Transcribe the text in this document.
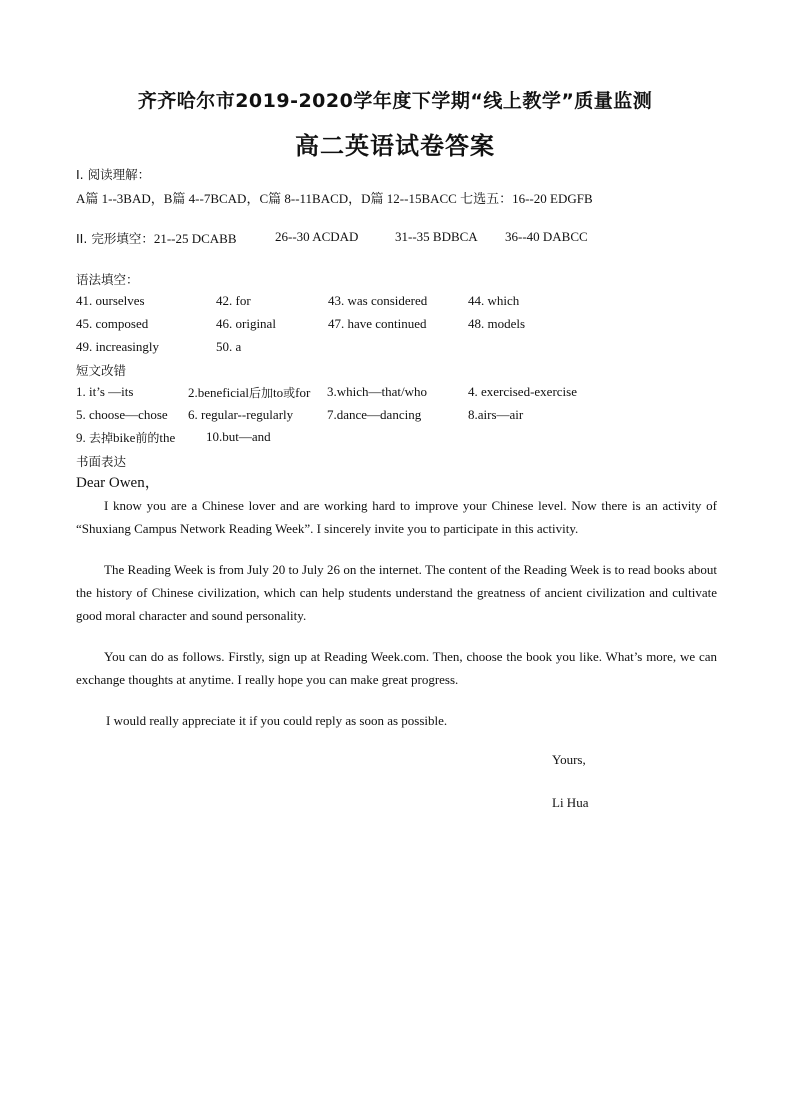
齐齐哈尔市2019-2020学年度下学期“线上教学”质量监测
高二英语试卷答案
I. 阅读理解：
A篇 1--3BAD，B篇 4--7BCAD，C篇 8--11BACD，D篇 12--15BACC 七选五：16--20 EDGFB
II. 完形填空：21--25 DCABB	26--30 ACDAD	31--35 BDBCA 36--40 DABCC
语法填空：
41. ourselves	42. for	43. was considered	44. which
45. composed	46. original	47. have continued	48. models
49. increasingly	50. a
短文改错
1. it’s —its	2.beneficial后加to或for 3.which—that/who	4. exercised-exercise
5. choose—chose 6. regular--regularly	7.dance—dancing	8.airs—air
9. 去掉bike前的the 10.but—and
书面表达
Dear Owen，

I know you are a Chinese lover and are working hard to improve your Chinese level. Now there is an activity of “Shuxiang Campus Network Reading Week”. I sincerely invite you to participate in this activity.

The Reading Week is from July 20 to July 26 on the internet. The content of the Reading Week is to read books about the history of Chinese civilization, which can help students understand the greatness of ancient civilization and cultivate good moral character and sound personality.

You can do as follows. Firstly, sign up at Reading Week.com. Then, choose the book you like. What’s more, we can exchange thoughts at anytime. I really hope you can make great progress.

I would really appreciate it if you could reply as soon as possible.

Yours,
Li Hua
